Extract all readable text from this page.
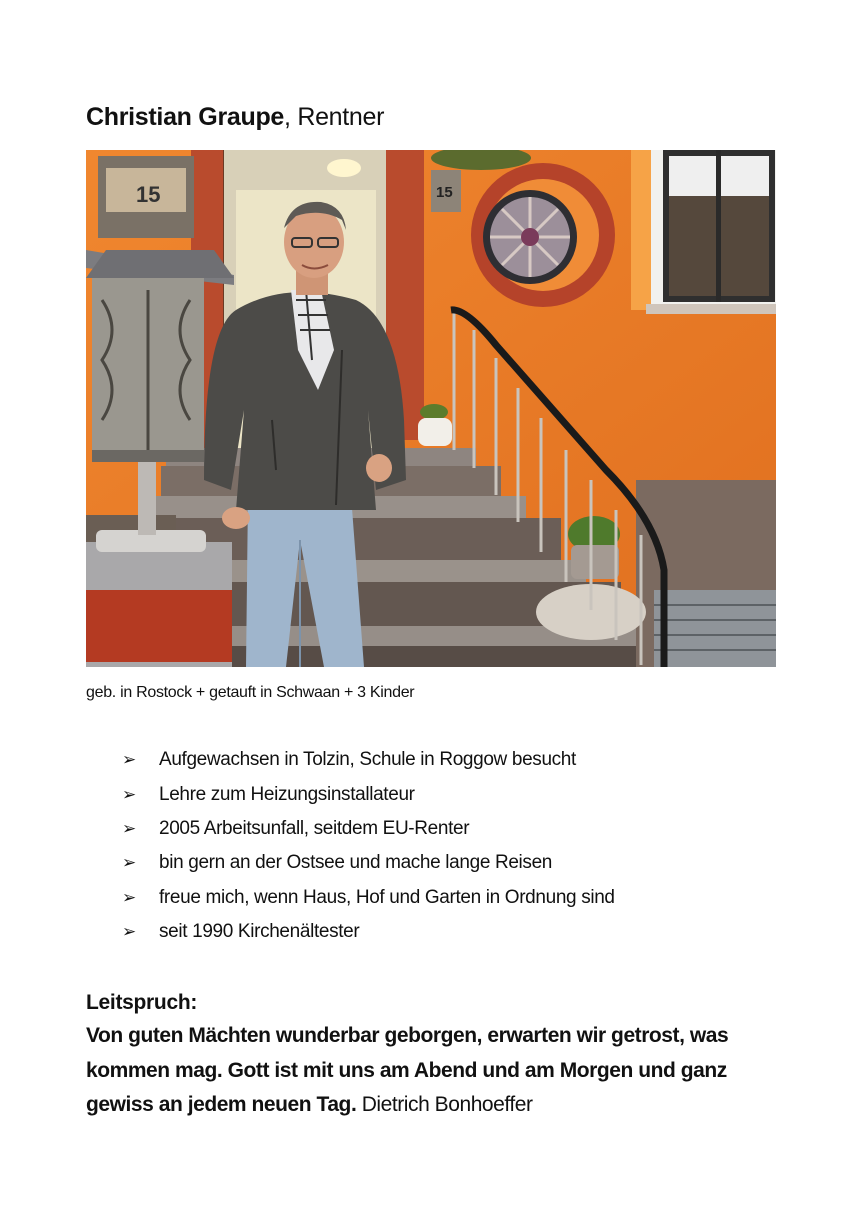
Christian Graupe, Rentner
15	15
geb. in Rostock + getauft in Schwaan + 3 Kinder
➢	Aufgewachsen in Tolzin, Schule in Roggow besucht
➢	Lehre zum Heizungsinstallateur
➢	2005 Arbeitsunfall, seitdem EU-Renter
➢	bin gern an der Ostsee und mache lange Reisen
➢	freue mich, wenn Haus, Hof und Garten in Ordnung sind
➢	seit 1990 Kirchenältester
Leitspruch:
Von guten Mächten wunderbar geborgen, erwarten wir getrost, was kommen mag. Gott ist mit uns am Abend und am Morgen und ganz gewiss an jedem neuen Tag. Dietrich Bonhoeffer
